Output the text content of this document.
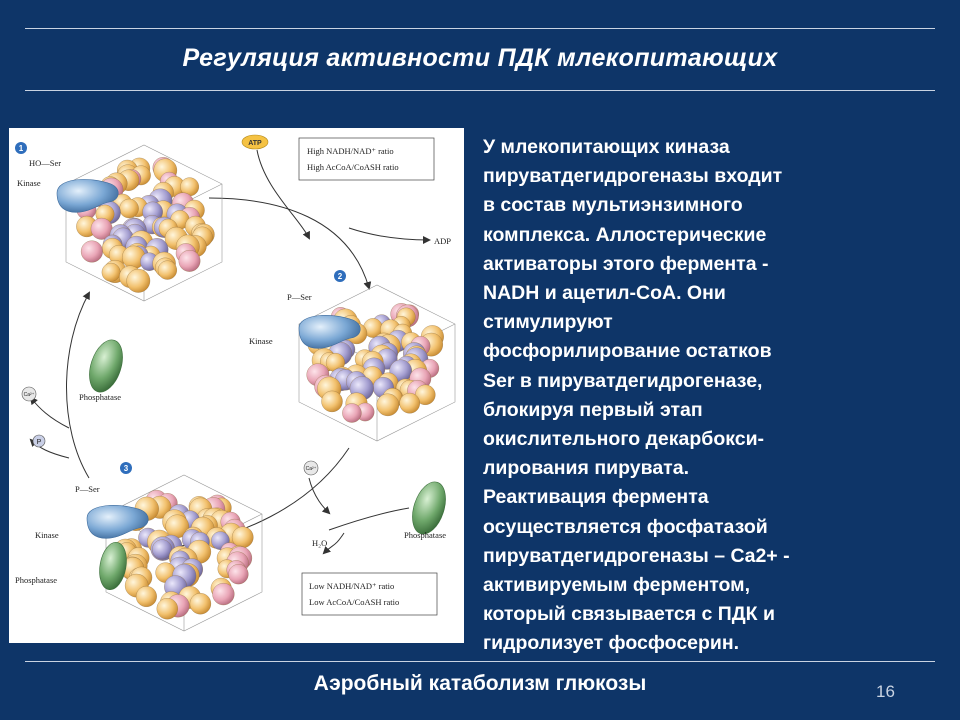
Регуляция активности ПДК млекопитающих
1
2
3
HO—Ser
Kinase
P—Ser
Kinase
Phosphatase
P—Ser
Kinase
Phosphatase
Phosphatase
ATP
ADP
Ca²⁺
P
Ca²⁺
H₂O
High NADH/NAD⁺ ratio
High AcCoA/CoASH ratio
Low NADH/NAD⁺ ratio
Low AcCoA/CoASH ratio
У млекопитающих киназа
пируватдегидрогеназы входит
в состав мультиэнзимного
комплекса. Аллостерические
активаторы этого фермента -
NADH и ацетил-CoA. Они
стимулируют
фосфорилирование остатков
Ser в пируватдегидрогеназе,
блокируя первый этап
окислительного декарбокси-
лирования пирувата.
Реактивация фермента
осуществляется фосфатазой
пируватдегидрогеназы – Ca2+ -
активируемым ферментом,
который связывается с ПДК и
гидролизует фосфосерин.
Аэробный катаболизм глюкозы	16
